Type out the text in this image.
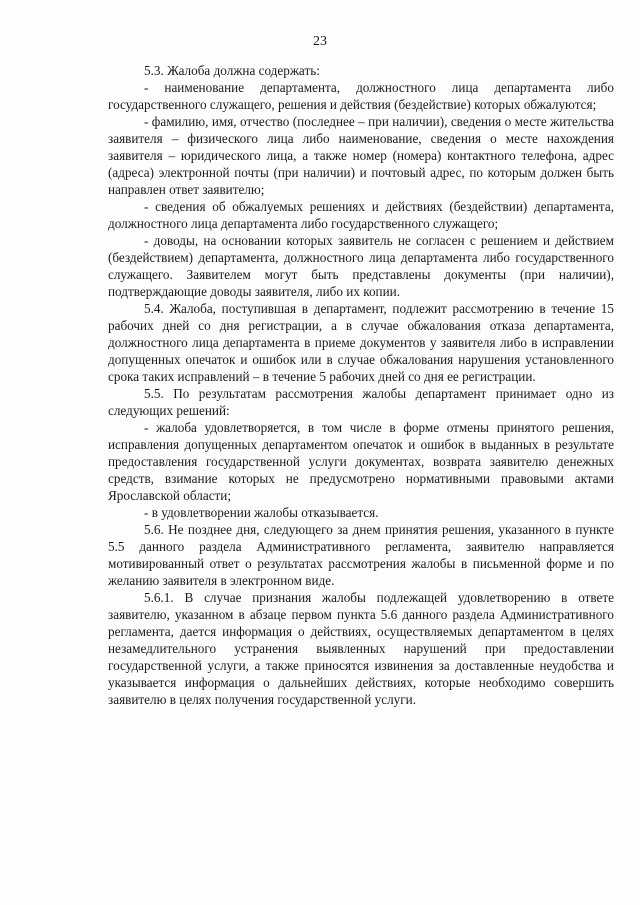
23

5.3. Жалоба должна содержать:

- наименование департамента, должностного лица департамента либо государственного служащего, решения и действия (бездействие) которых обжалуются;

- фамилию, имя, отчество (последнее – при наличии), сведения о месте жительства заявителя – физического лица либо наименование, сведения о месте нахождения заявителя – юридического лица, а также номер (номера) контактного телефона, адрес (адреса) электронной почты (при наличии) и почтовый адрес, по которым должен быть направлен ответ заявителю;

- сведения об обжалуемых решениях и действиях (бездействии) департамента, должностного лица департамента либо государственного служащего;

- доводы, на основании которых заявитель не согласен с решением и действием (бездействием) департамента, должностного лица департамента либо государственного служащего. Заявителем могут быть представлены документы (при наличии), подтверждающие доводы заявителя, либо их копии.

5.4. Жалоба, поступившая в департамент, подлежит рассмотрению в течение 15 рабочих дней со дня регистрации, а в случае обжалования отказа департамента, должностного лица департамента в приеме документов у заявителя либо в исправлении допущенных опечаток и ошибок или в случае обжалования нарушения установленного срока таких исправлений – в течение 5 рабочих дней со дня ее регистрации.

5.5. По результатам рассмотрения жалобы департамент принимает одно из следующих решений:

- жалоба удовлетворяется, в том числе в форме отмены принятого решения, исправления допущенных департаментом опечаток и ошибок в выданных в результате предоставления государственной услуги документах, возврата заявителю денежных средств, взимание которых не предусмотрено нормативными правовыми актами Ярославской области;

- в удовлетворении жалобы отказывается.

5.6. Не позднее дня, следующего за днем принятия решения, указанного в пункте 5.5 данного раздела Административного регламента, заявителю направляется мотивированный ответ о результатах рассмотрения жалобы в письменной форме и по желанию заявителя в электронном виде.

5.6.1. В случае признания жалобы подлежащей удовлетворению в ответе заявителю, указанном в абзаце первом пункта 5.6 данного раздела Административного регламента, дается информация о действиях, осуществляемых департаментом в целях незамедлительного устранения выявленных нарушений при предоставлении государственной услуги, а также приносятся извинения за доставленные неудобства и указывается информация о дальнейших действиях, которые необходимо совершить заявителю в целях получения государственной услуги.
